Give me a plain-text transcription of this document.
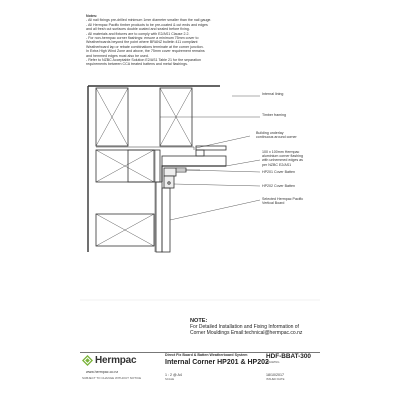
Notes:
- All nail fixings pre-drilled minimum 1mm diameter smaller than the nail gauge.
- All Hermpac Pacific timber products to be pre-coated & cut ends and edges
and all fresh cut surfaces double coated and sealed before fixing.
- All materials and fixtures are to comply with E2/AS1 Clause 2.2.
- For non-hermpac corner flashings: ensure a minimum 75mm cover to
Weatherboards beyond the point where BRANZ bulletin 411 compliant
Weatherboard lap or rebate combinations terminate at the corner junction.
In Extra High Wind Zone and above, the 75mm cover requirement remains
and hemmed edges must also be used.
- Refer to NZBC Acceptable Solution E2/AS1 Table 21 for the separation
requirements between CCA treated battens and metal flashings.
Internal lining
Timber framing
Building underlay
continuous around corner
100 x 100mm Hermpac
aluminium corner flashing
with unhemmed edges as
per NZBC E2/AS1
HP201 Cover Batten
HP202 Cover Batten
Selected Hermpac Pacific
Vertical Board
NOTE:
For Detailed Installation and Fixing Information of
Corner Mouldings Email:technical@hermpac.co.nz
Hermpac
www.hermpac.co.nz
SUBJECT TO CHANGE WITHOUT NOTICE
Direct Fix Board & Batten Weatherboard System
Internal Corner HP201 & HP202
1 : 2 @ A4
SCALE
HDF-BBAT-300
DRAWING
18/10/2017
ISSUED DATE
